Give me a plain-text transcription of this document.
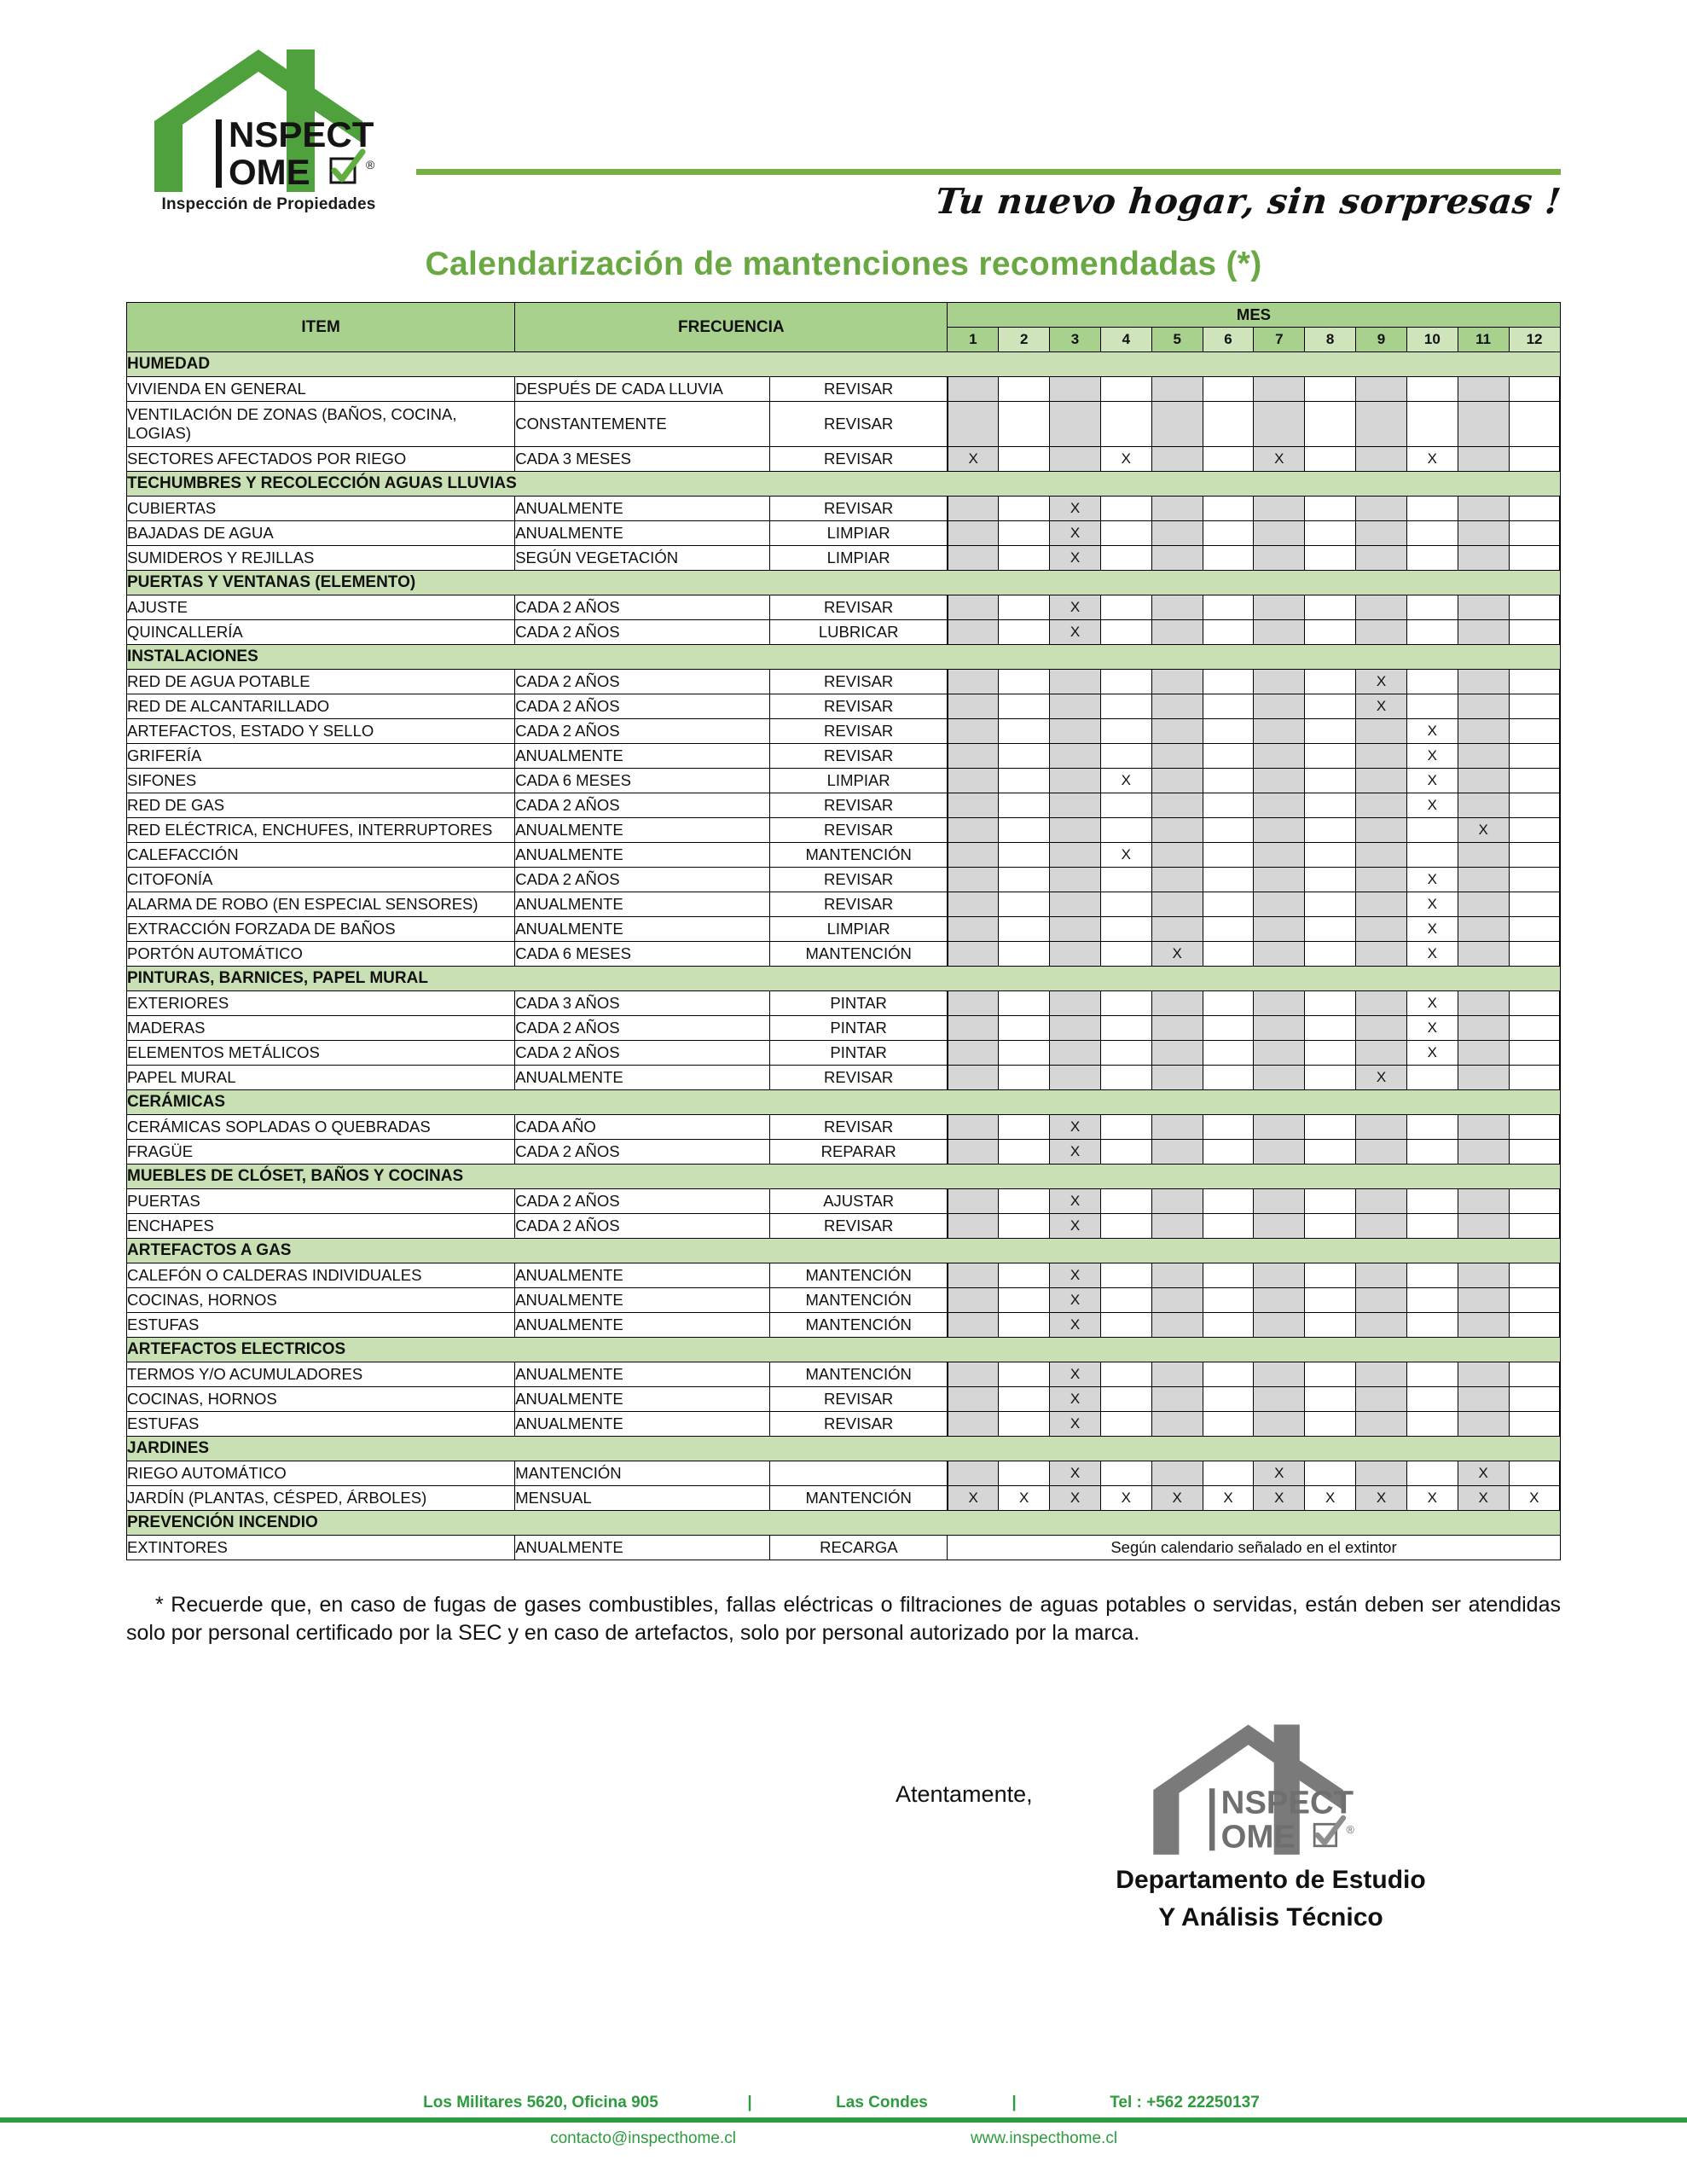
NSPECT
OME	®
Inspección de Propiedades	Tu nuevo hogar, sin sorpresas !
Calendarización de mantenciones recomendadas (*)
ITEM	FRECUENCIA		MES											
			1	2	3	4	5	6	7	8	9	10	11	12
HUMEDAD														
VIVIENDA EN GENERAL	DESPUÉS DE CADA LLUVIA	REVISAR												
VENTILACIÓN DE ZONAS (BAÑOS, COCINA, LOGIAS)	CONSTANTEMENTE	REVISAR												
SECTORES AFECTADOS POR RIEGO	CADA 3 MESES	REVISAR	X			X			X			X		
TECHUMBRES Y RECOLECCIÓN AGUAS LLUVIAS														
CUBIERTAS	ANUALMENTE	REVISAR			X									
BAJADAS DE AGUA	ANUALMENTE	LIMPIAR			X									
SUMIDEROS Y REJILLAS	SEGÚN VEGETACIÓN	LIMPIAR			X									
PUERTAS Y VENTANAS (ELEMENTO)														
AJUSTE	CADA 2 AÑOS	REVISAR			X									
QUINCALLERÍA	CADA 2 AÑOS	LUBRICAR			X									
INSTALACIONES														
RED DE AGUA POTABLE	CADA 2 AÑOS	REVISAR									X			
RED DE ALCANTARILLADO	CADA 2 AÑOS	REVISAR									X			
ARTEFACTOS, ESTADO Y SELLO	CADA 2 AÑOS	REVISAR										X		
GRIFERÍA	ANUALMENTE	REVISAR										X		
SIFONES	CADA 6 MESES	LIMPIAR				X						X		
RED DE GAS	CADA 2 AÑOS	REVISAR										X		
RED ELÉCTRICA, ENCHUFES, INTERRUPTORES	ANUALMENTE	REVISAR											X	
CALEFACCIÓN	ANUALMENTE	MANTENCIÓN				X								
CITOFONÍA	CADA 2 AÑOS	REVISAR										X		
ALARMA DE ROBO (EN ESPECIAL SENSORES)	ANUALMENTE	REVISAR										X		
EXTRACCIÓN FORZADA DE BAÑOS	ANUALMENTE	LIMPIAR										X		
PORTÓN AUTOMÁTICO	CADA 6 MESES	MANTENCIÓN					X					X		
PINTURAS, BARNICES, PAPEL MURAL														
EXTERIORES	CADA 3 AÑOS	PINTAR										X		
MADERAS	CADA 2 AÑOS	PINTAR										X		
ELEMENTOS METÁLICOS	CADA 2 AÑOS	PINTAR										X		
PAPEL MURAL	ANUALMENTE	REVISAR									X			
CERÁMICAS														
CERÁMICAS SOPLADAS O QUEBRADAS	CADA AÑO	REVISAR			X									
FRAGÜE	CADA 2 AÑOS	REPARAR			X									
MUEBLES DE CLÓSET, BAÑOS Y COCINAS														
PUERTAS	CADA 2 AÑOS	AJUSTAR			X									
ENCHAPES	CADA 2 AÑOS	REVISAR			X									
ARTEFACTOS A GAS														
CALEFÓN O CALDERAS INDIVIDUALES	ANUALMENTE	MANTENCIÓN			X									
COCINAS, HORNOS	ANUALMENTE	MANTENCIÓN			X									
ESTUFAS	ANUALMENTE	MANTENCIÓN			X									
ARTEFACTOS ELECTRICOS														
TERMOS Y/O ACUMULADORES	ANUALMENTE	MANTENCIÓN			X									
COCINAS, HORNOS	ANUALMENTE	REVISAR			X									
ESTUFAS	ANUALMENTE	REVISAR			X									
JARDINES														
RIEGO AUTOMÁTICO	MANTENCIÓN				X				X				X	
JARDÍN (PLANTAS, CÉSPED, ÁRBOLES)	MENSUAL	MANTENCIÓN	X	X	X	X	X	X	X	X	X	X	X	X
PREVENCIÓN INCENDIO														
EXTINTORES	ANUALMENTE	RECARGA	Según calendario señalado en el extintor											
* Recuerde que, en caso de fugas de gases combustibles, fallas eléctricas o filtraciones de aguas potables o servidas, están deben ser atendidas solo por personal certificado por la SEC y en caso de artefactos, solo por personal autorizado por la marca.
Atentamente,	NSPECT
OME	®
Departamento de Estudio
Y Análisis Técnico
Los Militares 5620, Oficina 905	|	Las Condes	|	Tel : +562 22250137
contacto@inspecthome.cl	www.inspecthome.cl
